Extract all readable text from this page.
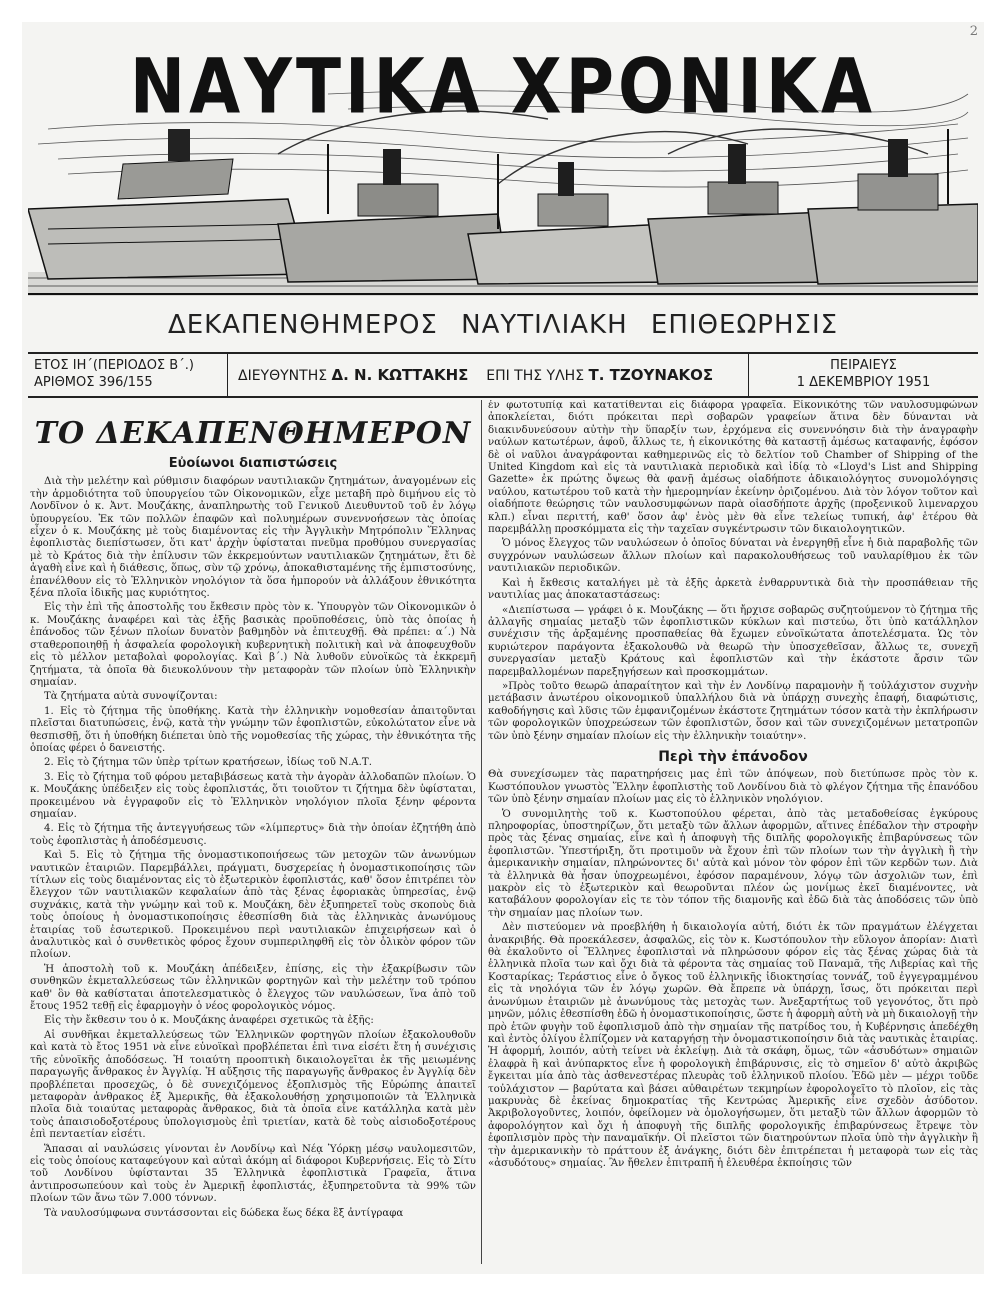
2
ΝΑΥΤΙΚΑ ΧΡΟΝΙΚΑ
ΔΕΚΑΠΕΝΘΗΜΕΡΟΣ ΝΑΥΤΙΛΙΑΚΗ ΕΠΙΘΕΩΡΗΣΙΣ
ΕΤΟΣ ΙΗ΄(ΠΕΡΙΟΔΟΣ Β΄.)
ΑΡΙΘΜΟΣ 396/155	ΔΙΕΥΘΥΝΤΗΣ Δ. Ν. ΚΩΤΤΑΚΗΣ ΕΠΙ ΤΗΣ ΥΛΗΣ Τ. ΤΖΟΥΝΑΚΟΣ
ΠΕΙΡΑΙΕΥΣ
1 ΔΕΚΕΜΒΡΙΟΥ 1951
ΤΟ ΔΕΚΑΠΕΝΘΗΜΕΡΟΝ
Εὐοίωνοι διαπιστώσεις

Διὰ τὴν μελέτην καὶ ρύθμισιν διαφόρων ναυτιλιακῶν ζητημάτων, ἀναγομένων εἰς τὴν ἁρμοδιότητα τοῦ ὑπουργείου τῶν Οἰκονομικῶν, εἶχε μεταβῆ πρὸ διμήνου εἰς τὸ Λονδῖνον ὁ κ. Ἀντ. Μουζάκης, ἀναπληρωτὴς τοῦ Γενικοῦ Διευθυντοῦ τοῦ ἐν λόγῳ ὑπουργείου. Ἐκ τῶν πολλῶν ἐπαφῶν καὶ πολυημέρων συνεννοήσεων τὰς ὁποίας εἶχεν ὁ κ. Μουζάκης μὲ τοὺς διαμένοντας εἰς τὴν Ἀγγλικὴν Μητρόπολιν Ἕλληνας ἐφοπλιστὰς διεπίστωσεν, ὅτι κατ' ἀρχὴν ὑφίσταται πνεῦμα προθύμου συνεργασίας μὲ τὸ Κράτος διὰ τὴν ἐπίλυσιν τῶν ἐκκρεμούντων ναυτιλιακῶν ζητημάτων, ἔτι δὲ ἀγαθὴ εἶνε καὶ ἡ διάθεσις, ὅπως, σὺν τῷ χρόνῳ, ἀποκαθισταμένης τῆς ἐμπιστοσύνης, ἐπανέλθουν εἰς τὸ Ἑλληνικὸν νηολόγιον τὰ ὅσα ἠμπορούν νὰ ἀλλάξουν ἐθνικότητα ξένα πλοῖα ἰδικῆς μας κυριότητος.

Εἰς τὴν ἐπὶ τῆς ἀποστολῆς του ἔκθεσιν πρὸς τὸν κ. Ὑπουργὸν τῶν Οἰκονομικῶν ὁ κ. Μουζάκης ἀναφέρει καὶ τὰς ἑξῆς βασικὰς προϋποθέσεις, ὑπὸ τὰς ὁποίας ἡ ἐπάνοδος τῶν ξένων πλοίων δυνατὸν βαθμηδὸν νὰ ἐπιτευχθῇ. Θὰ πρέπει: α΄.) Νὰ σταθεροποιηθῇ ἡ ἀσφαλεία φορολογικὴ κυβερνητικὴ πολιτικὴ καὶ νὰ ἀποφευχθοῦν εἰς τὸ μέλλον μεταβολαὶ φορολογίας. Καὶ β΄.) Νὰ λυθοῦν εὐνοϊκῶς τὰ ἐκκρεμῆ ζητήματα, τὰ ὁποῖα θὰ διευκολύνουν τὴν μεταφορὰν τῶν πλοίων ὑπὸ Ἑλληνικὴν σημαίαν.

Τὰ ζητήματα αὐτὰ συνοψίζονται:

1. Εἰς τὸ ζήτημα τῆς ὑποθήκης. Κατὰ τὴν ἑλληνικὴν νομοθεσίαν ἀπαιτοῦνται πλεῖσται διατυπώσεις, ἐνῷ, κατὰ τὴν γνώμην τῶν ἐφοπλιστῶν, εὐκολώτατον εἶνε νὰ θεσπισθῇ, ὅτι ἡ ὑποθήκη διέπεται ὑπὸ τῆς νομοθεσίας τῆς χώρας, τὴν ἐθνικότητα τῆς ὁποίας φέρει ὁ δανειστής.

2. Εἰς τὸ ζήτημα τῶν ὑπὲρ τρίτων κρατήσεων, ἰδίως τοῦ Ν.Α.Τ.

3. Εἰς τὸ ζήτημα τοῦ φόρου μεταβιβάσεως κατὰ τὴν ἀγορὰν ἀλλοδαπῶν πλοίων. Ὁ κ. Μουζάκης ὑπέδειξεν εἰς τοὺς ἐφοπλιστάς, ὅτι τοιοῦτον τι ζήτημα δὲν ὑφίσταται, προκειμένου νὰ ἐγγραφοῦν εἰς τὸ Ἑλληνικὸν νηολόγιον πλοῖα ξένην φέροντα σημαίαν.

4. Εἰς τὸ ζήτημα τῆς ἀντεγγυήσεως τῶν «λίμπερτυς» διὰ τὴν ὁποίαν ἐζητήθη ἀπὸ τοὺς ἐφοπλιστὰς ἡ ἀποδέσμευσις.

Καὶ 5. Εἰς τὸ ζήτημα τῆς ὀνομαστικοποιήσεως τῶν μετοχῶν τῶν ἀνωνύμων ναυτικῶν ἑταιριῶν. Παρεμβάλλει, πράγματι, δυσχερείας ἡ ὀνομαστικοποίησις τῶν τίτλων εἰς τοὺς διαμένοντας εἰς τὸ ἐξωτερικὸν ἐφοπλιστάς, καθ' ὅσον ἐπιτρέπει τὸν ἔλεγχον τῶν ναυτιλιακῶν κεφαλαίων ἀπὸ τὰς ξένας ἐφοριακὰς ὑπηρεσίας, ἐνῷ συχνάκις, κατὰ τὴν γνώμην καὶ τοῦ κ. Μουζάκη, δὲν ἐξυπηρετεῖ τοὺς σκοποὺς διὰ τοὺς ὁποίους ἡ ὀνομαστικοποίησις ἐθεσπίσθη διὰ τὰς ἑλληνικὰς ἀνωνύμους ἑταιρίας τοῦ ἐσωτερικοῦ. Προκειμένου περὶ ναυτιλιακῶν ἐπιχειρήσεων καὶ ὁ ἀναλυτικὸς καὶ ὁ συνθετικὸς φόρος ἔχουν συμπεριληφθῆ εἰς τὸν ὁλικὸν φόρον τῶν πλοίων.

Ἡ ἀποστολὴ τοῦ κ. Μουζάκη ἀπέδειξεν, ἐπίσης, εἰς τὴν ἐξακρίβωσιν τῶν συνθηκῶν ἐκμεταλλεύσεως τῶν ἑλληνικῶν φορτηγῶν καὶ τὴν μελέτην τοῦ τρόπου καθ' ὃν θὰ καθίσταται ἀποτελεσματικὸς ὁ ἔλεγχος τῶν ναυλώσεων, ἵνα ἀπὸ τοῦ ἔτους 1952 τεθῇ εἰς ἐφαρμογὴν ὁ νέος φορολογικὸς νόμος.

Εἰς τὴν ἔκθεσιν του ὁ κ. Μουζάκης ἀναφέρει σχετικῶς τὰ ἑξῆς:

Αἱ συνθῆκαι ἐκμεταλλεύσεως τῶν Ἑλληνικῶν φορτηγῶν πλοίων ἐξακολουθοῦν καὶ κατὰ τὸ ἔτος 1951 νὰ εἶνε εὐνοϊκαὶ προβλέπεται ἐπὶ τινα εἰσέτι ἔτη ἡ συνέχισις τῆς εὐνοϊκῆς ἀποδόσεως. Ἡ τοιαύτη προοπτικὴ δικαιολογεῖται ἐκ τῆς μειωμένης παραγωγῆς ἄνθρακος ἐν Ἀγγλίᾳ. Ἡ αὔξησις τῆς παραγωγῆς ἄνθρακος ἐν Ἀγγλίᾳ δὲν προβλέπεται προσεχῶς, ὁ δὲ συνεχιζόμενος ἐξοπλισμὸς τῆς Εὐρώπης ἀπαιτεῖ μεταφορὰν ἀνθρακος ἐξ Ἀμερικῆς, θὰ ἐξακολουθήσῃ χρησιμοποιῶν τὰ Ἑλληνικὰ πλοῖα διὰ τοιαύτας μεταφορὰς ἄνθρακος, διὰ τὰ ὁποῖα εἶνε κατάλληλα κατὰ μὲν τοὺς ἀπαισιοδοξοτέρους ὑπολογισμοὺς ἐπὶ τριετίαν, κατὰ δὲ τοὺς αἰσιοδοξοτέρους ἐπὶ πενταετίαν εἰσέτι.

Ἅπασαι αἱ ναυλώσεις γίνονται ἐν Λονδίνῳ καὶ Νέᾳ Ὑόρκῃ μέσῳ ναυλομεσιτῶν, εἰς τοὺς ὁποίους καταφεύγουν καὶ αὐταὶ ἀκόμη αἱ διάφοροι Κυβερνήσεις. Εἰς τὸ Σίτυ τοῦ Λονδίνου ὑφίστανται 35 Ἑλληνικὰ ἐφοπλιστικὰ Γραφεῖα, ἅτινα ἀντιπροσωπεύουν καὶ τοὺς ἐν Ἀμερικῇ ἐφοπλιστάς, ἐξυπηρετοῦντα τὰ 99% τῶν πλοίων τῶν ἄνω τῶν 7.000 τόννων.

Τὰ ναυλοσύμφωνα συντάσσονται εἰς δώδεκα ἕως δέκα ἓξ ἀντίγραφα

ἐν φωτοτυπίᾳ καὶ κατατίθενται εἰς διάφορα γραφεῖα. Εἰκονικότης τῶν ναυλοσυμφώνων ἀποκλείεται, διότι πρόκειται περὶ σοβαρῶν γραφείων ἅτινα δὲν δύνανται νὰ διακινδυνεύσουν αὐτὴν τὴν ὕπαρξίν των, ἐρχόμενα εἰς συνεννόησιν διὰ τὴν ἀναγραφὴν ναύλων κατωτέρων, ἀφοῦ, ἄλλως τε, ἡ εἰκονικότης θὰ καταστῇ ἀμέσως καταφανής, ἐφόσον δὲ οἱ ναῦλοι ἀναγράφονται καθημερινῶς εἰς τὸ δελτίον τοῦ Chamber of Shipping of the United Kingdom καὶ εἰς τὰ ναυτιλιακὰ περιοδικὰ καὶ ἰδίᾳ τὸ «Lloyd's List and Shipping Gazette» ἐκ πρώτης ὄψεως θὰ φανῇ ἀμέσως οἱαδήποτε ἀδικαιολόγητος συνομολόγησις ναύλου, κατωτέρου τοῦ κατὰ τὴν ἡμερομηνίαν ἐκείνην ὁριζομένου. Διὰ τὸν λόγον τοῦτον καὶ οἱαδήποτε θεώρησις τῶν ναυλοσυμφώνων παρὰ οἱασδήποτε ἀρχῆς (προξενικοῦ λιμεναρχου κλπ.) εἶναι περιττή, καθ' ὅσον ἀφ' ἑνὸς μὲν θὰ εἶνε τελείως τυπική, ἀφ' ἑτέρου θὰ παρεμβάλλῃ προσκόμματα εἰς τὴν ταχεῖαν συγκέντρωσιν τῶν δικαιολογητικῶν.

Ὁ μόνος ἔλεγχος τῶν ναυλώσεων ὁ ὁποῖος δύναται νὰ ἐνεργηθῇ εἶνε ἡ διὰ παραβολῆς τῶν συγχρόνων ναυλώσεων ἄλλων πλοίων καὶ παρακολουθήσεως τοῦ ναυλαρίθμου ἐκ τῶν ναυτιλιακῶν περιοδικῶν.

Καὶ ἡ ἔκθεσις καταλήγει μὲ τὰ ἑξῆς ἀρκετὰ ἐνθαρρυντικὰ διὰ τὴν προσπάθειαν τῆς ναυτιλίας μας ἀποκαταστάσεως:

«Διεπίστωσα — γράφει ὁ κ. Μουζάκης — ὅτι ἤρχισε σοβαρῶς συζητούμενον τὸ ζήτημα τῆς ἀλλαγῆς σημαίας μεταξὺ τῶν ἐφοπλιστικῶν κύκλων καὶ πιστεύω, ὅτι ὑπὸ κατάλληλον συνέχισιν τῆς ἀρξαμένης προσπαθείας θὰ ἔχωμεν εὐνοϊκώτατα ἀποτελέσματα. Ὡς τὸν κυριώτερον παράγοντα ἐξακολουθῶ νὰ θεωρῶ τὴν ὑποσχεθεῖσαν, ἄλλως τε, συνεχῆ συνεργασίαν μεταξὺ Κράτους καὶ ἐφοπλιστῶν καὶ τὴν ἑκάστοτε ἄρσιν τῶν παρεμβαλλομένων παρεξηγήσεων καὶ προσκομμάτων.

»Πρὸς τοῦτο θεωρῶ ἀπαραίτητον καὶ τὴν ἐν Λονδίνῳ παραμονὴν ἤ τοὐλάχιστον συχνὴν μετάβασιν ἀνωτέρου οἰκονομικοῦ ὑπαλλήλου διὰ νὰ ὑπάρχῃ συνεχὴς ἐπαφή, διαφώτισις, καθοδήγησις καὶ λῦσις τῶν ἐμφανιζομένων ἑκάστοτε ζητημάτων τόσον κατὰ τὴν ἐκπλήρωσιν τῶν φορολογικῶν ὑποχρεώσεων τῶν ἐφοπλιστῶν, ὅσον καὶ τῶν συνεχιζομένων μετατροπῶν τῶν ὑπὸ ξένην σημαίαν πλοίων εἰς τὴν ἑλληνικὴν τοιαύτην».

Περὶ τὴν ἐπάνοδον

Θὰ συνεχίσωμεν τὰς παρατηρήσεις μας ἐπὶ τῶν ἀπόψεων, ποὺ διετύπωσε πρὸς τὸν κ. Κωστόπουλον γνωστὸς Ἕλλην ἐφοπλιστὴς τοῦ Λονδίνου διὰ τὸ φλέγον ζήτημα τῆς ἐπανόδου τῶν ὑπὸ ξένην σημαίαν πλοίων μας εἰς τὸ ἑλληνικὸν νηολόγιον.

Ὁ συνομιλητὴς τοῦ κ. Κωστοπούλου φέρεται, ἀπὸ τὰς μεταδοθείσας ἐγκύρους πληροφορίας, ὑποστηρίζων, ὅτι μεταξὺ τῶν ἄλλων ἀφορμῶν, αἵτινες ἐπέδαλον τὴν στροφὴν πρὸς τὰς ξένας σημαίας, εἶνε καὶ ἡ ἀποφυγὴ τῆς διπλῆς φορολογικῆς ἐπιβαρύνσεως τῶν ἐφοπλιστῶν. Ὑπεστήριξη, ὅτι προτιμοῦν νὰ ἔχουν ἐπὶ τῶν πλοίων των τὴν ἀγγλικὴ ἢ τὴν ἀμερικανικὴν σημαίαν, πληρώνοντες δι' αὐτὰ καὶ μόνον τὸν φόρον ἐπὶ τῶν κερδῶν των. Διὰ τὰ ἑλληνικὰ θὰ ἦσαν ὑποχρεωμένοι, ἐφόσον παραμένουν, λόγῳ τῶν ἀσχολιῶν των, ἐπὶ μακρὸν εἰς τὸ ἐξωτερικὸν καὶ θεωροῦνται πλέον ὡς μονίμως ἐκεῖ διαμένοντες, νὰ καταβάλουν φορολογίαν εἰς τε τὸν τόπον τῆς διαμονῆς καὶ ἐδῶ διὰ τὰς ἀποδόσεις τῶν ὑπὸ τὴν σημαίαν μας πλοίων των.

Δὲν πιστεύομεν νὰ προεβλήθη ἡ δικαιολογία αὐτή, διότι ἐκ τῶν πραγμάτων ἐλέγχεται ἀνακριβής. Θὰ προεκάλεσεν, ἀσφαλῶς, εἰς τὸν κ. Κωστόπουλον τὴν εὔλογον ἀπορίαν: Διατὶ θὰ ἐκαλοῦντο οἱ Ἕλληνες ἐφοπλισταὶ νὰ πληρώσουν φόρον εἰς τὰς ξένας χώρας διὰ τὰ ἑλληνικὰ πλοῖα των καὶ ὄχι διὰ τὰ φέροντα τὰς σημαίας τοῦ Παναμᾶ, τῆς Λιβερίας καὶ τῆς Κοσταρίκας; Τεράστιος εἶνε ὁ ὄγκος τοῦ ἑλληνικῆς ἰδιοκτησίας τοννάζ, τοῦ ἐγγεγραμμένου εἰς τὰ νηολόγια τῶν ἐν λόγῳ χωρῶν. Θὰ ἔπρεπε νὰ ὑπάρχῃ, ἴσως, ὅτι πρόκειται περὶ ἀνωνύμων ἑταιριῶν μὲ ἀνωνύμους τὰς μετοχὰς των. Ἀνεξαρτήτως τοῦ γεγονότος, ὅτι πρὸ μηνῶν, μόλις ἐθεσπίσθη ἐδῶ ἡ ὀνομαστικοποίησις, ὥστε ἡ ἀφορμὴ αὐτὴ νὰ μὴ δικαιολογῇ τὴν πρὸ ἐτῶν φυγὴν τοῦ ἐφοπλισμοῦ ἀπὸ τὴν σημαίαν τῆς πατρίδος του, ἡ Κυβέρνησις ἀπεδέχθη καὶ ἐντὸς ὀλίγου ἐλπίζομεν νὰ καταργήσῃ τὴν ὀνομαστικοποίησιν διὰ τὰς ναυτικὰς ἑταιρίας. Ἡ ἀφορμή, λοιπόν, αὐτὴ τείνει νὰ ἐκλείψῃ. Διὰ τὰ σκάφη, ὅμως, τῶν «ἀσυδότων» σημαιῶν ἐλαφρὰ ἢ καὶ ἀνύπαρκτος εἶνε ἡ φορολογικὴ ἐπιβάρυνσις, εἰς τὸ σημεῖον δ' αὐτὸ ἀκριβῶς ἔγκειται μία ἀπὸ τὰς ἀσθενεστέρας πλευρὰς τοῦ ἑλληνικοῦ πλοίου. Ἐδῶ μὲν — μέχρι τοῦδε τοὐλάχιστον — βαρύτατα καὶ βάσει αὐθαιρέτων τεκμηρίων ἐφορολογεῖτο τὸ πλοῖον, εἰς τὰς μακρυνὰς δὲ ἐκείνας δημοκρατίας τῆς Κεντρώας Ἀμερικῆς εἶνε σχεδὸν ἀσύδοτον. Ἀκριβολογοῦντες, λοιπόν, ὀφείλομεν νὰ ὁμολογήσωμεν, ὅτι μεταξὺ τῶν ἄλλων ἀφορμῶν τὸ ἀφορολόγητον καὶ ὄχι ἡ ἀποφυγὴ τῆς διπλῆς φορολογικῆς ἐπιβαρύνσεως ἔτρεψε τὸν ἐφοπλισμὸν πρὸς τὴν παναμαϊκήν. Οἱ πλεῖστοι τῶν διατηρούντων πλοῖα ὑπὸ τὴν ἀγγλικὴν ἢ τὴν ἀμερικανικὴν τὸ πράττουν ἐξ ἀνάγκης, διότι δὲν ἐπιτρέπεται ἡ μεταφορὰ των εἰς τὰς «ἀσυδότους» σημαίας. Ἂν ἤθελεν ἐπιτραπῆ ἡ ἐλευθέρα ἐκποίησις τῶν
